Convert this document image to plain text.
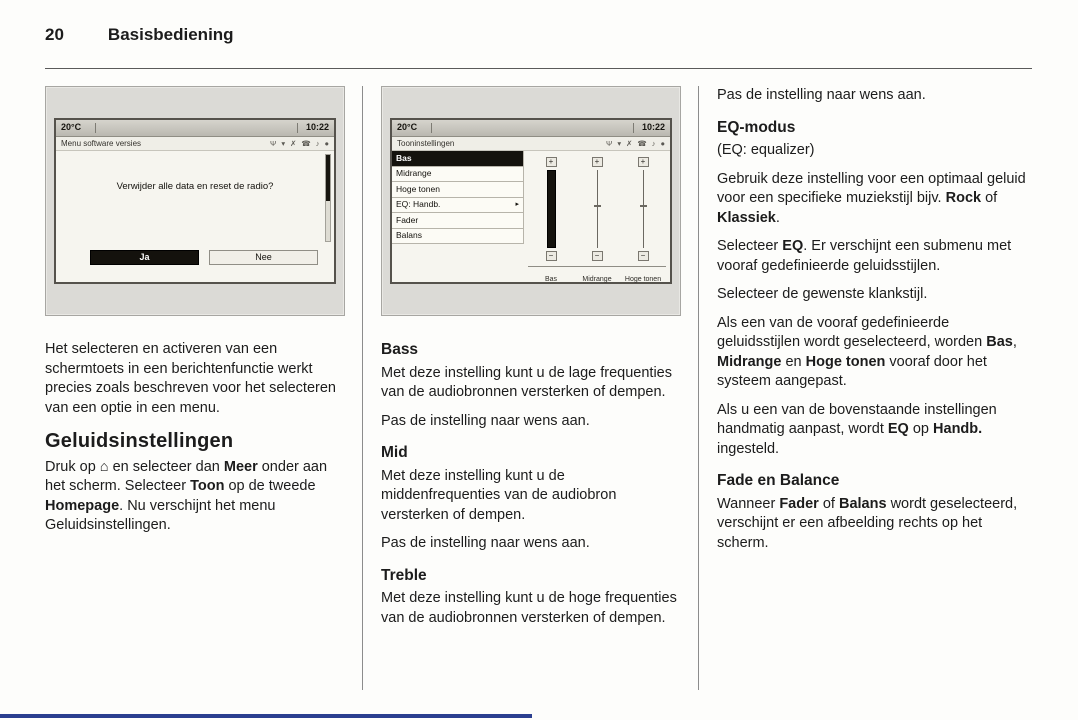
20	Basisbediening
20°C	10:22
Menu software versies	Ψ ▾ ✗ ☎ ♪ ●
Verwijder alle data en reset de radio?
Ja	Nee

Het selecteren en activeren van een schermtoets in een berichtenfunctie werkt precies zoals beschreven voor het selecteren van een optie in een menu.

Geluidsinstellingen

Druk op ⌂ en selecteer dan Meer onder aan het scherm. Selecteer Toon op de tweede Homepage. Nu verschijnt het menu Geluidsinstellingen.

20°C	10:22
Tooninstellingen	Ψ ▾ ✗ ☎ ♪ ●
Bas
Midrange
Hoge tonen
EQ: Handb.	▸
Fader
Balans
+
−
+
−
+
−
Bas	Midrange	Hoge tonen
Bass

Met deze instelling kunt u de lage frequenties van de audiobronnen versterken of dempen.

Pas de instelling naar wens aan.

Mid

Met deze instelling kunt u de middenfrequenties van de audiobron versterken of dempen.

Pas de instelling naar wens aan.

Treble

Met deze instelling kunt u de hoge frequenties van de audiobronnen versterken of dempen.

Pas de instelling naar wens aan.

EQ-modus

(EQ: equalizer)

Gebruik deze instelling voor een optimaal geluid voor een specifieke muziekstijl bijv. Rock of Klassiek.

Selecteer EQ. Er verschijnt een submenu met vooraf gedefinieerde geluidsstijlen.

Selecteer de gewenste klankstijl.

Als een van de vooraf gedefinieerde geluidsstijlen wordt geselecteerd, worden Bas, Midrange en Hoge tonen vooraf door het systeem aangepast.

Als u een van de bovenstaande instellingen handmatig aanpast, wordt EQ op Handb. ingesteld.

Fade en Balance

Wanneer Fader of Balans wordt geselecteerd, verschijnt er een afbeelding rechts op het scherm.
